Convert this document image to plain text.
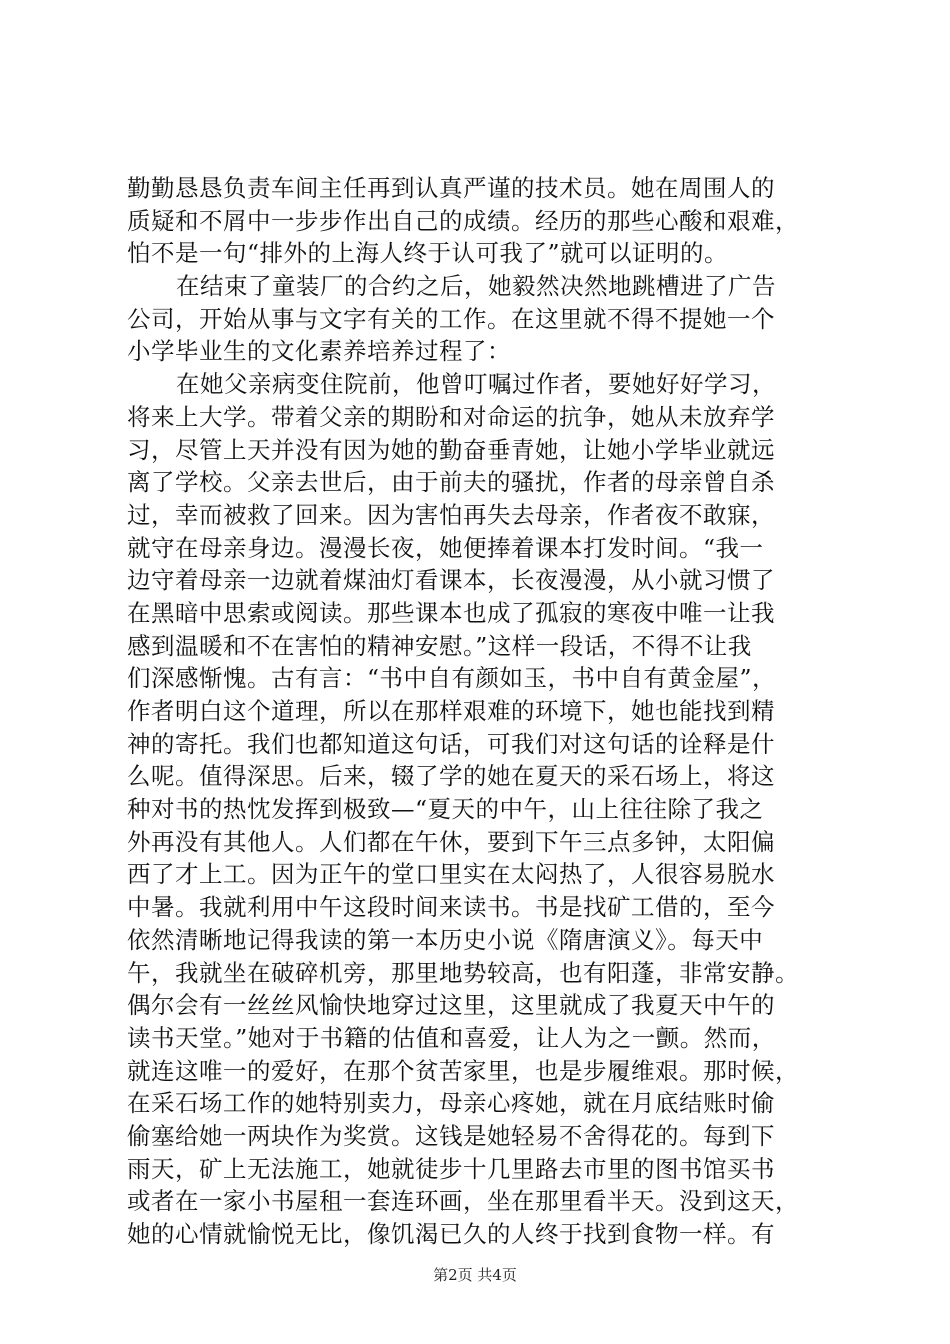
勤勤恳恳负责车间主任再到认真严谨的技术员。她在周围人的
质疑和不屑中一步步作出自己的成绩。经历的那些心酸和艰难，
怕不是一句“排外的上海人终于认可我了”就可以证明的。
在结束了童装厂的合约之后，她毅然决然地跳槽进了广告
公司，开始从事与文字有关的工作。在这里就不得不提她一个
小学毕业生的文化素养培养过程了：
在她父亲病变住院前，他曾叮嘱过作者，要她好好学习，
将来上大学。带着父亲的期盼和对命运的抗争，她从未放弃学
习，尽管上天并没有因为她的勤奋垂青她，让她小学毕业就远
离了学校。父亲去世后，由于前夫的骚扰，作者的母亲曾自杀
过，幸而被救了回来。因为害怕再失去母亲，作者夜不敢寐，
就守在母亲身边。漫漫长夜，她便捧着课本打发时间。“我一
边守着母亲一边就着煤油灯看课本，长夜漫漫，从小就习惯了
在黑暗中思索或阅读。那些课本也成了孤寂的寒夜中唯一让我
感到温暖和不在害怕的精神安慰。”这样一段话，不得不让我
们深感惭愧。古有言：“书中自有颜如玉，书中自有黄金屋”，
作者明白这个道理，所以在那样艰难的环境下，她也能找到精
神的寄托。我们也都知道这句话，可我们对这句话的诠释是什
么呢。值得深思。后来，辍了学的她在夏天的采石场上，将这
种对书的热忱发挥到极致—“夏天的中午，山上往往除了我之
外再没有其他人。人们都在午休，要到下午三点多钟，太阳偏
西了才上工。因为正午的堂口里实在太闷热了，人很容易脱水
中暑。我就利用中午这段时间来读书。书是找矿工借的，至今
依然清晰地记得我读的第一本历史小说《隋唐演义》。每天中
午，我就坐在破碎机旁，那里地势较高，也有阳蓬，非常安静。
偶尔会有一丝丝风愉快地穿过这里，这里就成了我夏天中午的
读书天堂。”她对于书籍的估值和喜爱，让人为之一颤。然而，
就连这唯一的爱好，在那个贫苦家里，也是步履维艰。那时候，
在采石场工作的她特别卖力，母亲心疼她，就在月底结账时偷
偷塞给她一两块作为奖赏。这钱是她轻易不舍得花的。每到下
雨天，矿上无法施工，她就徒步十几里路去市里的图书馆买书
或者在一家小书屋租一套连环画，坐在那里看半天。没到这天，
她的心情就愉悦无比，像饥渴已久的人终于找到食物一样。有
第2页 共4页
